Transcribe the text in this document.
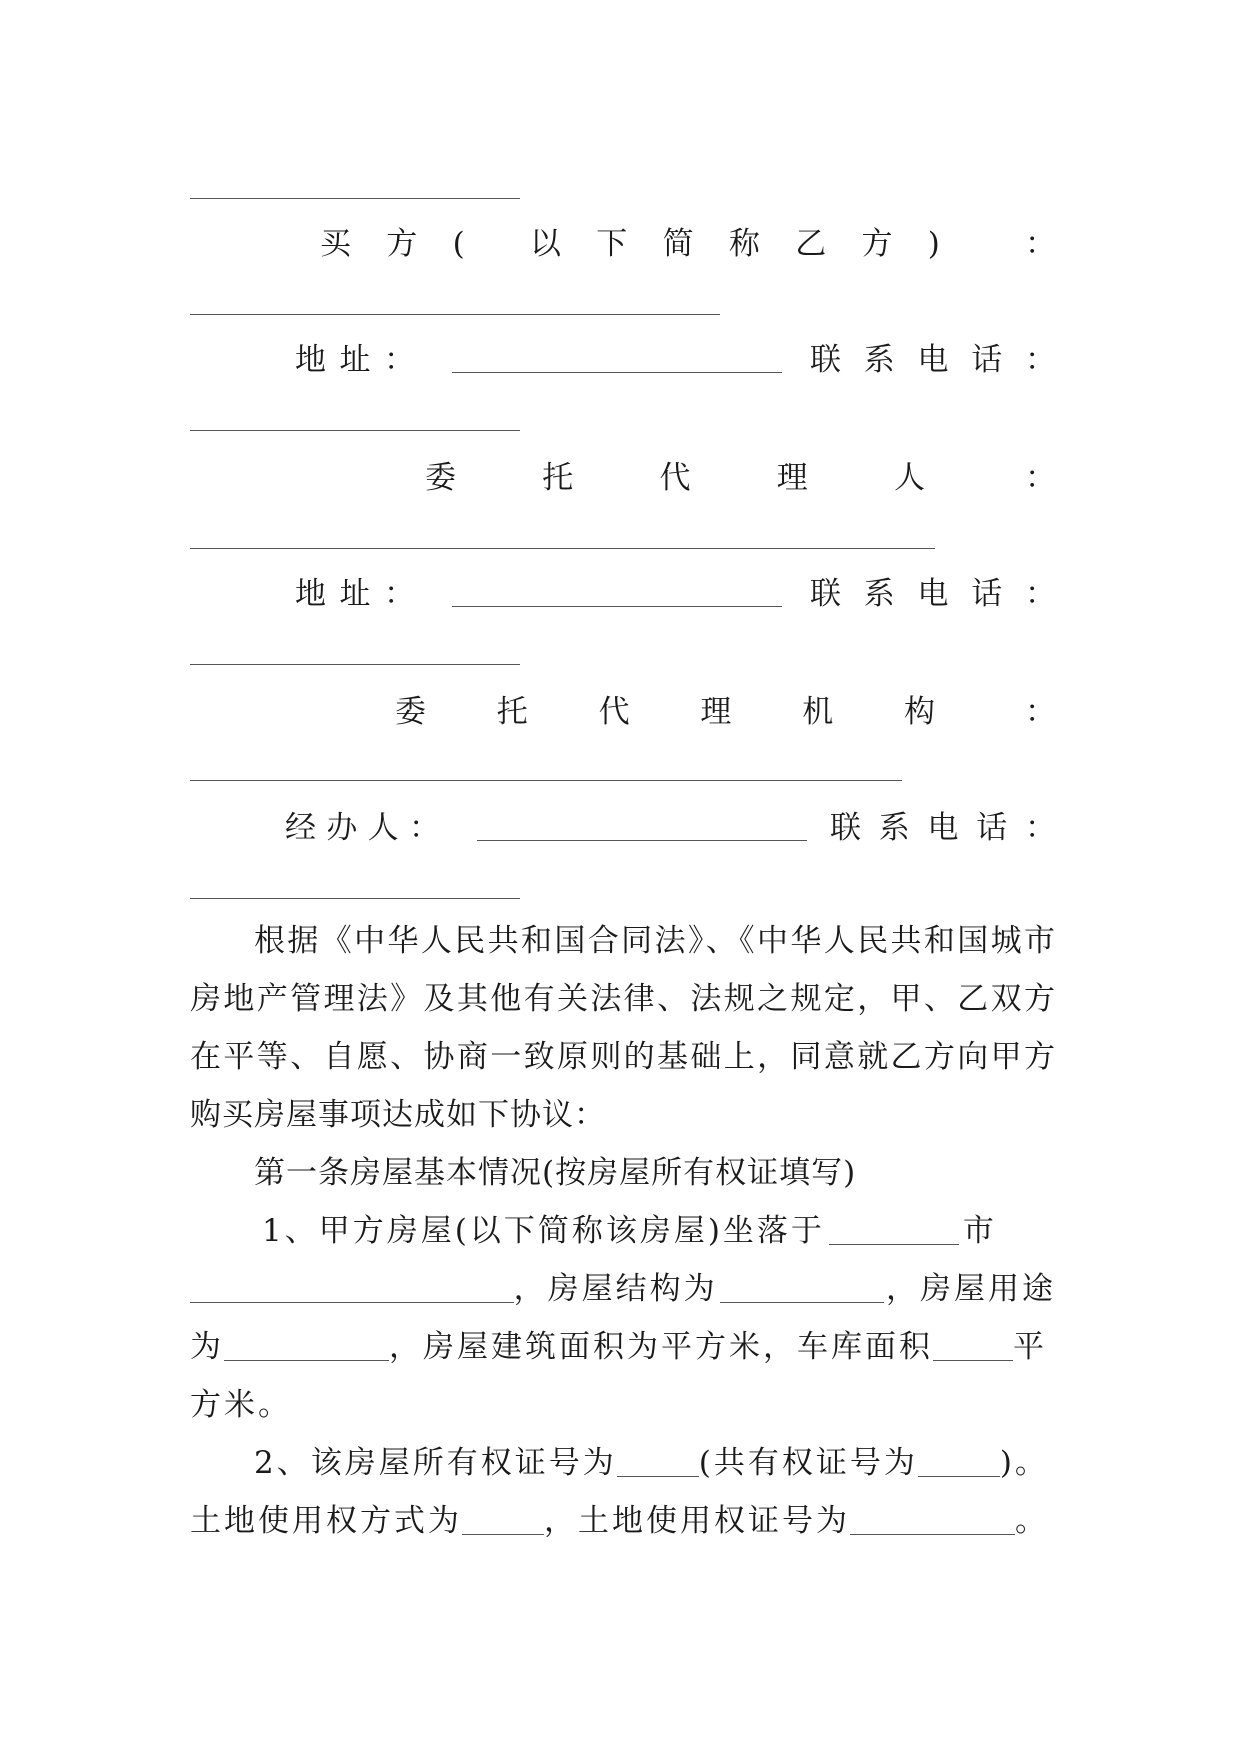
买 方 ( 以 下 简 称 乙 方 )	：
地 址 ：	联 系 电 话 ：
委	托	代	理	人	：
地 址 ：	联 系 电 话 ：
委 托 代 理 机 构	：
经 办 人 ：	联 系 电 话 ：
根据《中华人民共和国合同法》、《中华人民共和国城市
房地产管理法》及其他有关法律、法规之规定，甲、乙双方
在平等、自愿、协商一致原则的基础上，同意就乙方向甲方
购买房屋事项达成如下协议：
第一条房屋基本情况(按房屋所有权证填写)
1、甲方房屋(以下简称该房屋)坐落于	市
，房屋结构为	，房屋用途
为	，房屋建筑面积为平方米，车库面积	平
方米。
2、该房屋所有权证号为	(共有权证号为	)。
土地使用权方式为	，土地使用权证号为	。
